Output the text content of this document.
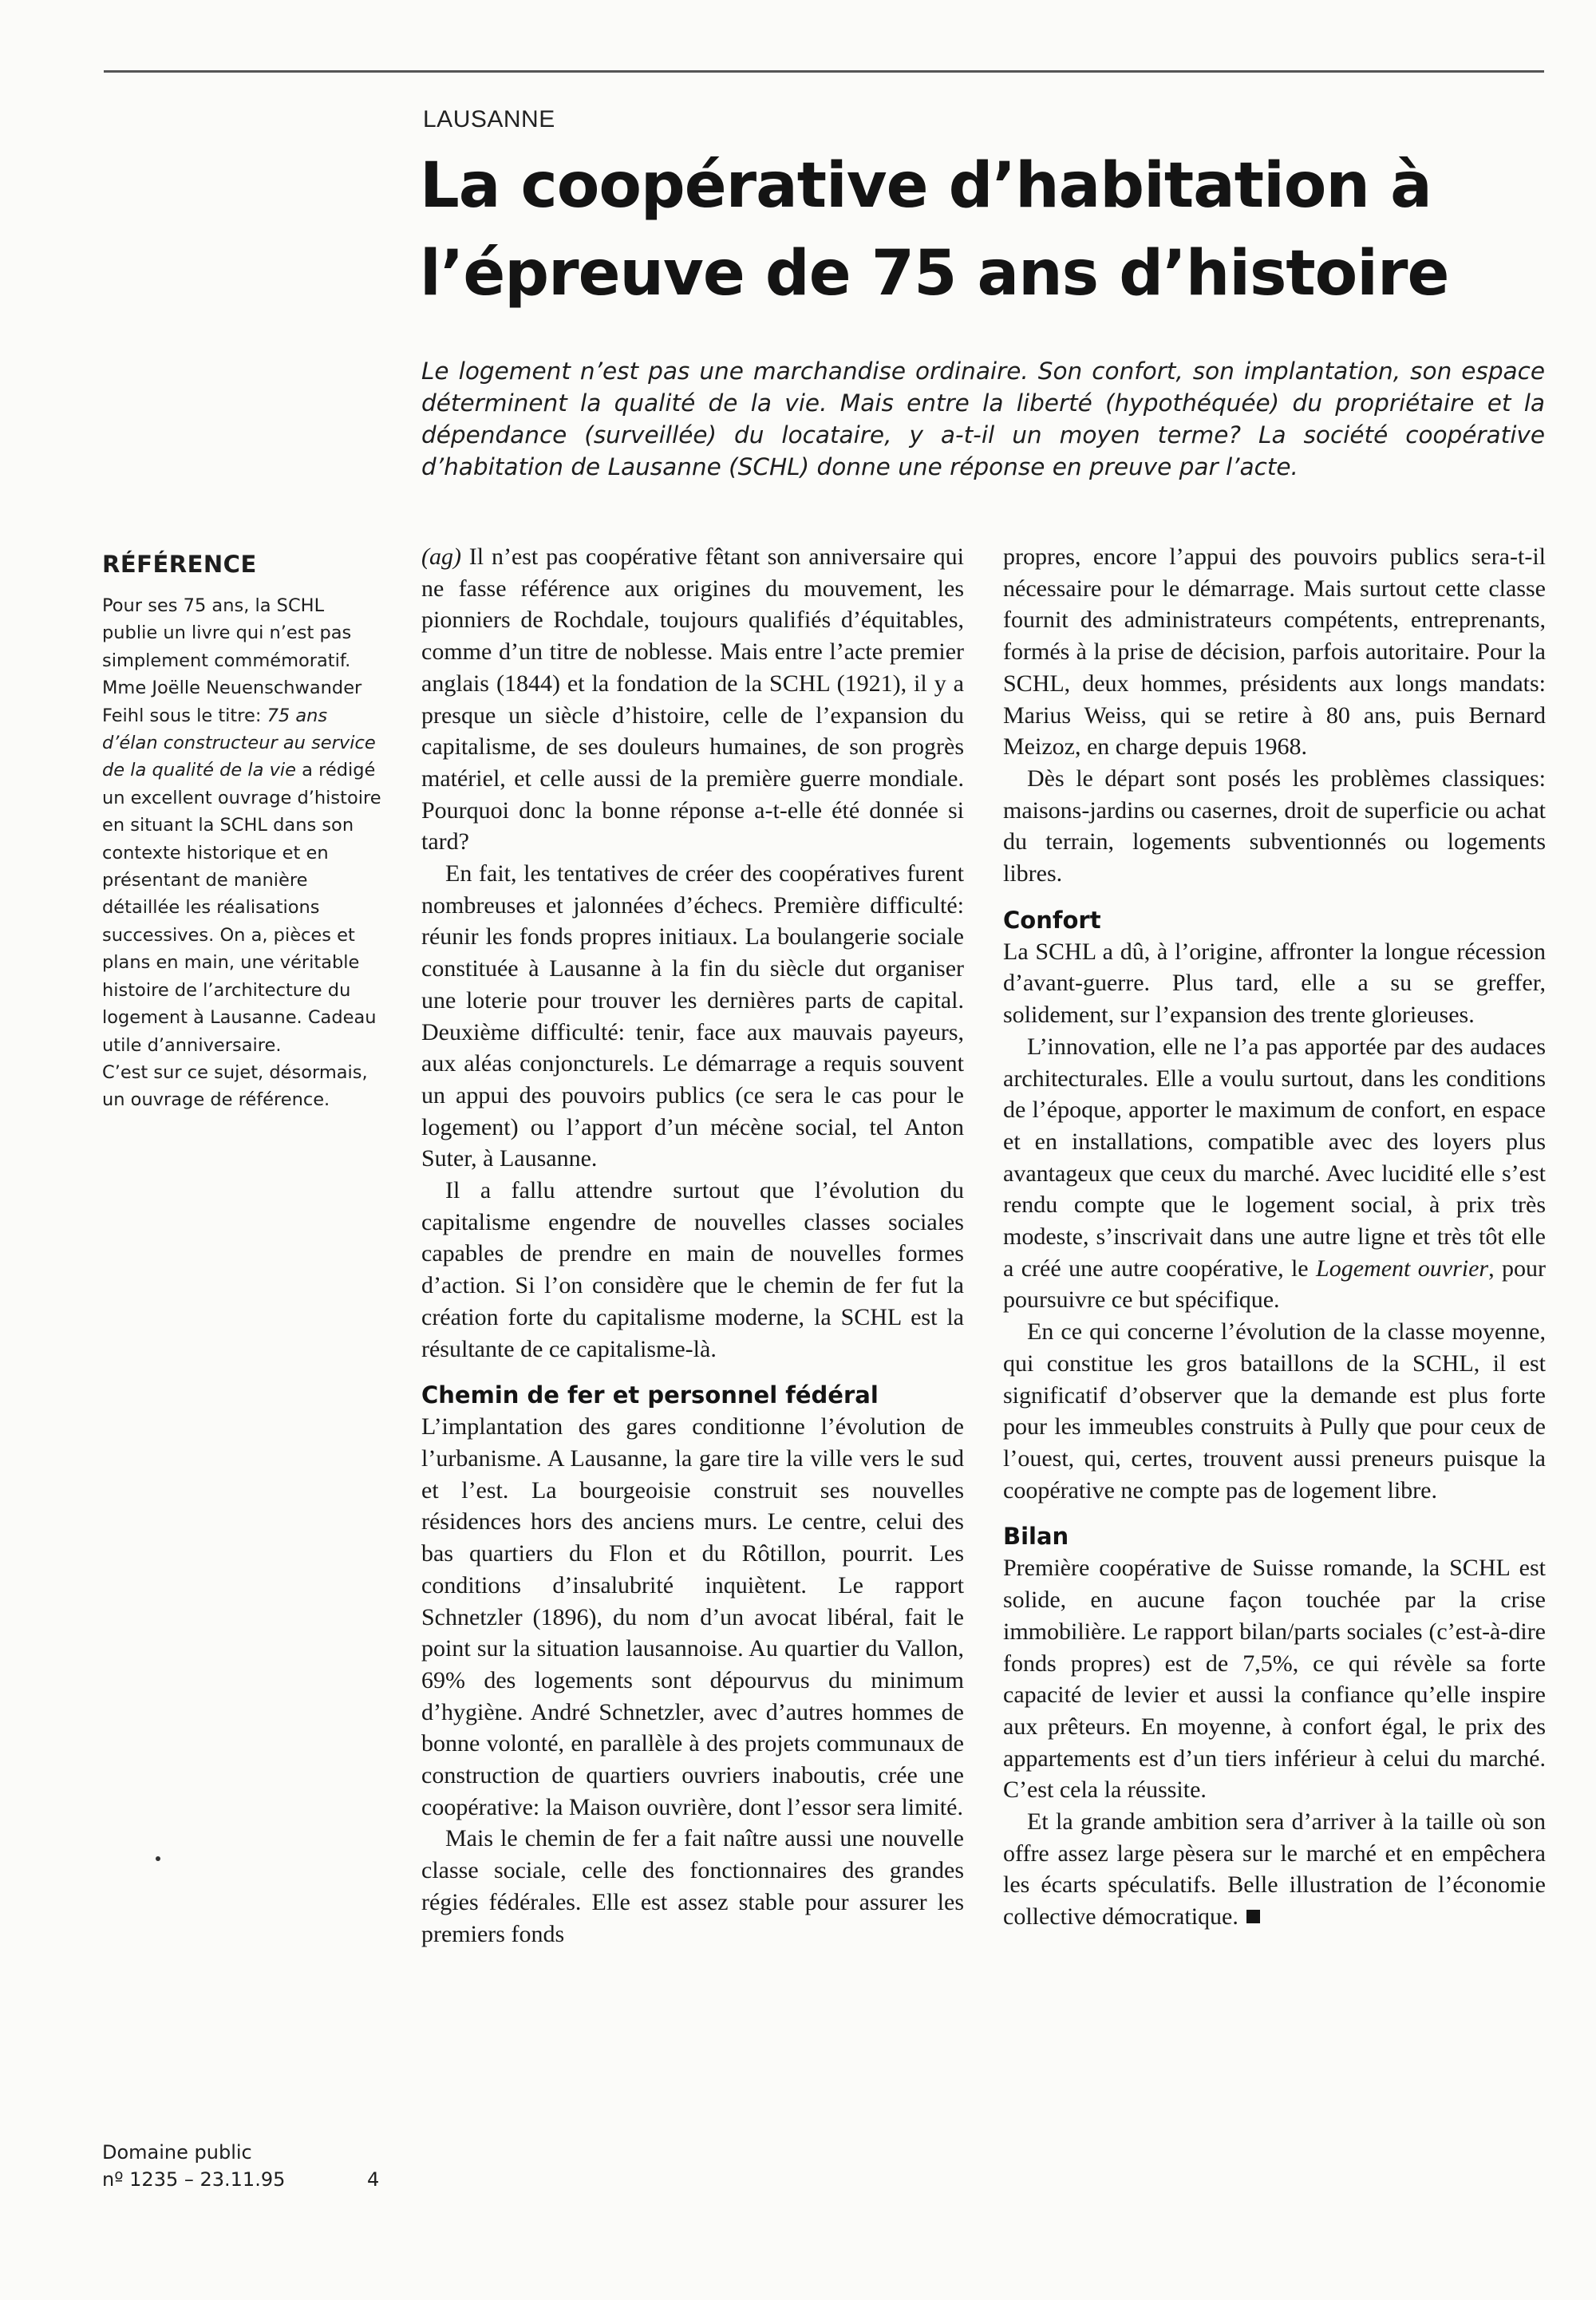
LAUSANNE
La coopérative d’habitation à
l’épreuve de 75 ans d’histoire

Le logement n’est pas une marchandise ordinaire. Son confort, son implantation, son espace déterminent la qualité de la vie. Mais entre la liberté (hypothéquée) du propriétaire et la dépendance (surveillée) du locataire, y a-t-il un moyen terme? La société coopérative d’habitation de Lausanne (SCHL) donne une réponse en preuve par l’acte.

RÉFÉRENCE

Pour ses 75 ans, la SCHL publie un livre qui n’est pas simplement commémoratif. Mme Joëlle Neuenschwander Feihl sous le titre: 75 ans d’élan constructeur au service de la qualité de la vie a rédigé un excellent ouvrage d’histoire en situant la SCHL dans son contexte historique et en présentant de manière détaillée les réalisations successives. On a, pièces et plans en main, une véritable histoire de l’architecture du logement à Lausanne. Cadeau utile d’anniversaire.

C’est sur ce sujet, désormais, un ouvrage de référence.

Domaine public
nº 1235 – 23.11.95	4

(ag) Il n’est pas coopérative fêtant son anniversaire qui ne fasse référence aux origines du mouvement, les pionniers de Rochdale, toujours qualifiés d’équitables, comme d’un titre de noblesse. Mais entre l’acte premier anglais (1844) et la fondation de la SCHL (1921), il y a presque un siècle d’histoire, celle de l’expansion du capitalisme, de ses douleurs humaines, de son progrès matériel, et celle aussi de la première guerre mondiale. Pourquoi donc la bonne réponse a-t-elle été donnée si tard?

En fait, les tentatives de créer des coopératives furent nombreuses et jalonnées d’échecs. Première difficulté: réunir les fonds propres initiaux. La boulangerie sociale constituée à Lausanne à la fin du siècle dut organiser une loterie pour trouver les dernières parts de capital. Deuxième difficulté: tenir, face aux mauvais payeurs, aux aléas conjoncturels. Le démarrage a requis souvent un appui des pouvoirs publics (ce sera le cas pour le logement) ou l’apport d’un mécène social, tel Anton Suter, à Lausanne.

Il a fallu attendre surtout que l’évolution du capitalisme engendre de nouvelles classes sociales capables de prendre en main de nouvelles formes d’action. Si l’on considère que le chemin de fer fut la création forte du capitalisme moderne, la SCHL est la résultante de ce capitalisme-là.

Chemin de fer et personnel fédéral

L’implantation des gares conditionne l’évolution de l’urbanisme. A Lausanne, la gare tire la ville vers le sud et l’est. La bourgeoisie construit ses nouvelles résidences hors des anciens murs. Le centre, celui des bas quartiers du Flon et du Rôtillon, pourrit. Les conditions d’insalubrité inquiètent. Le rapport Schnetzler (1896), du nom d’un avocat libéral, fait le point sur la situation lausannoise. Au quartier du Vallon, 69% des logements sont dépourvus du minimum d’hygiène. André Schnetzler, avec d’autres hommes de bonne volonté, en parallèle à des projets communaux de construction de quartiers ouvriers inaboutis, crée une coopérative: la Maison ouvrière, dont l’essor sera limité.

Mais le chemin de fer a fait naître aussi une nouvelle classe sociale, celle des fonctionnaires des grandes régies fédérales. Elle est assez stable pour assurer les premiers fonds

propres, encore l’appui des pouvoirs publics sera-t-il nécessaire pour le démarrage. Mais surtout cette classe fournit des administrateurs compétents, entreprenants, formés à la prise de décision, parfois autoritaire. Pour la SCHL, deux hommes, présidents aux longs mandats: Marius Weiss, qui se retire à 80 ans, puis Bernard Meizoz, en charge depuis 1968.

Dès le départ sont posés les problèmes classiques: maisons-jardins ou casernes, droit de superficie ou achat du terrain, logements subventionnés ou logements libres.

Confort

La SCHL a dû, à l’origine, affronter la longue récession d’avant-guerre. Plus tard, elle a su se greffer, solidement, sur l’expansion des trente glorieuses.

L’innovation, elle ne l’a pas apportée par des audaces architecturales. Elle a voulu surtout, dans les conditions de l’époque, apporter le maximum de confort, en espace et en installations, compatible avec des loyers plus avantageux que ceux du marché. Avec lucidité elle s’est rendu compte que le logement social, à prix très modeste, s’inscrivait dans une autre ligne et très tôt elle a créé une autre coopérative, le Logement ouvrier, pour poursuivre ce but spécifique.

En ce qui concerne l’évolution de la classe moyenne, qui constitue les gros bataillons de la SCHL, il est significatif d’observer que la demande est plus forte pour les immeubles construits à Pully que pour ceux de l’ouest, qui, certes, trouvent aussi preneurs puisque la coopérative ne compte pas de logement libre.

Bilan

Première coopérative de Suisse romande, la SCHL est solide, en aucune façon touchée par la crise immobilière. Le rapport bilan/parts sociales (c’est-à-dire fonds propres) est de 7,5%, ce qui révèle sa forte capacité de levier et aussi la confiance qu’elle inspire aux prêteurs. En moyenne, à confort égal, le prix des appartements est d’un tiers inférieur à celui du marché. C’est cela la réussite.

Et la grande ambition sera d’arriver à la taille où son offre assez large pèsera sur le marché et en empêchera les écarts spéculatifs. Belle illustration de l’économie collective démocratique.
